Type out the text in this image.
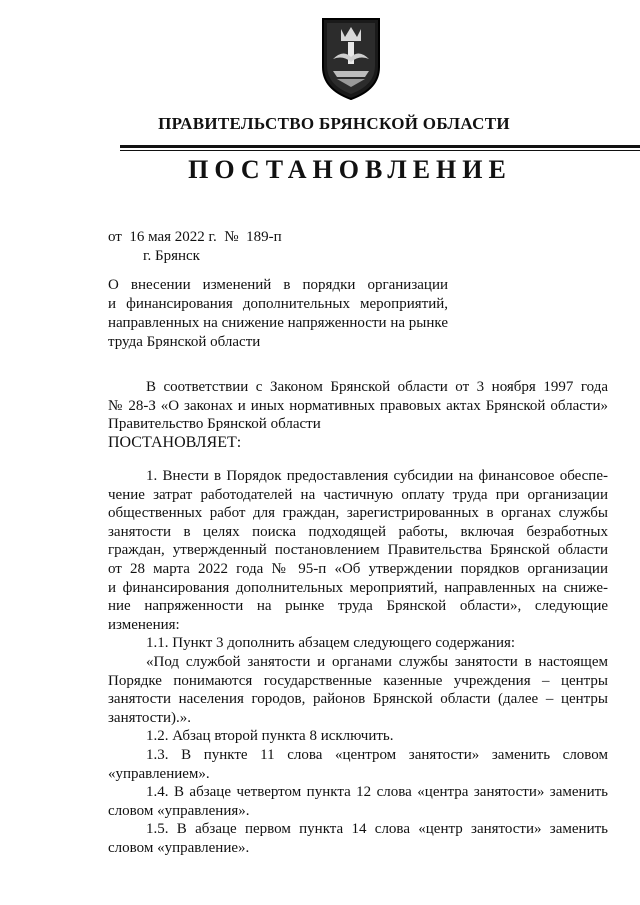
ПРАВИТЕЛЬСТВО БРЯНСКОЙ ОБЛАСТИ
ПОСТАНОВЛЕНИЕ
от  16 мая 2022 г.  №  189-п
г. Брянск
О внесении изменений в порядки организации
и финансирования дополнительных мероприятий,
направленных на снижение напряженности на рынке
труда Брянской области
В соответствии с Законом Брянской области от 3 ноября 1997 года
№ 28-З «О законах и иных нормативных правовых актах Брянской области»
Правительство Брянской области
ПОСТАНОВЛЯЕТ:
1. Внести в Порядок предоставления субсидии на финансовое обеспе-
чение затрат работодателей на частичную оплату труда при организации
общественных работ для граждан, зарегистрированных в органах службы
занятости в целях поиска подходящей работы, включая безработных
граждан, утвержденный постановлением Правительства Брянской области
от 28 марта 2022 года № 95-п «Об утверждении порядков организации
и финансирования дополнительных мероприятий, направленных на сниже-
ние напряженности на рынке труда Брянской области», следующие
изменения:
1.1. Пункт 3 дополнить абзацем следующего содержания:
«Под службой занятости и органами службы занятости в настоящем
Порядке понимаются государственные казенные учреждения – центры
занятости населения городов, районов Брянской области (далее – центры
занятости).».
1.2. Абзац второй пункта 8 исключить.
1.3. В пункте 11 слова «центром занятости» заменить словом
«управлением».
1.4. В абзаце четвертом пункта 12 слова «центра занятости» заменить
словом «управления».
1.5. В абзаце первом пункта 14 слова «центр занятости» заменить
словом «управление».
